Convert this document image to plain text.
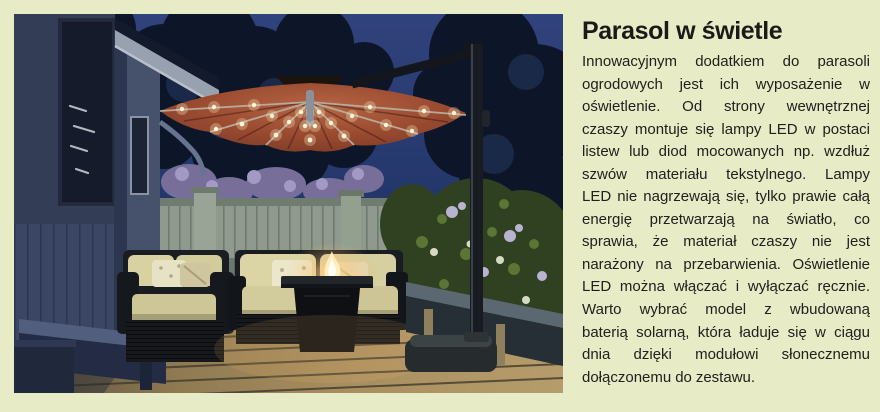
Parasol w świetle
Innowacyjnym dodatkiem do parasoli
ogrodowych jest ich wyposażenie w
oświetlenie. Od strony wewnętrznej
czaszy montuje się lampy LED w postaci
listew lub diod mocowanych np. wzdłuż
szwów materiału tekstylnego. Lampy
LED nie nagrzewają się, tylko prawie całą
energię przetwarzają na światło, co
sprawia, że materiał czaszy nie jest
narażony na przebarwienia. Oświetlenie
LED można włączać i wyłączać ręcznie.
Warto wybrać model z wbudowaną
baterią solarną, która ładuje się w ciągu
dnia dzięki modułowi słonecznemu
dołączonemu do zestawu.
